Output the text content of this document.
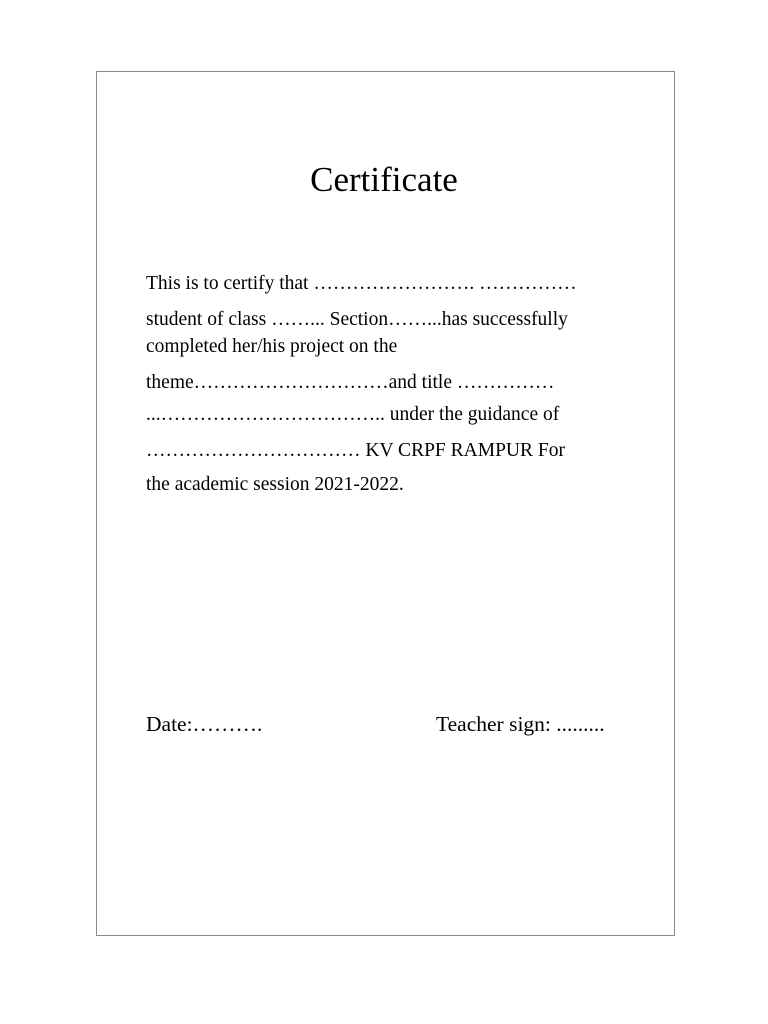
Certificate
This is to certify that ……………………. ……………
student of class ……... Section……...has successfully
completed her/his project on the
theme…………………………and title ……………
...…………………………….. under the guidance of
…………………………… KV CRPF RAMPUR For
the academic session 2021-2022.
Date:……….	Teacher sign: .........
